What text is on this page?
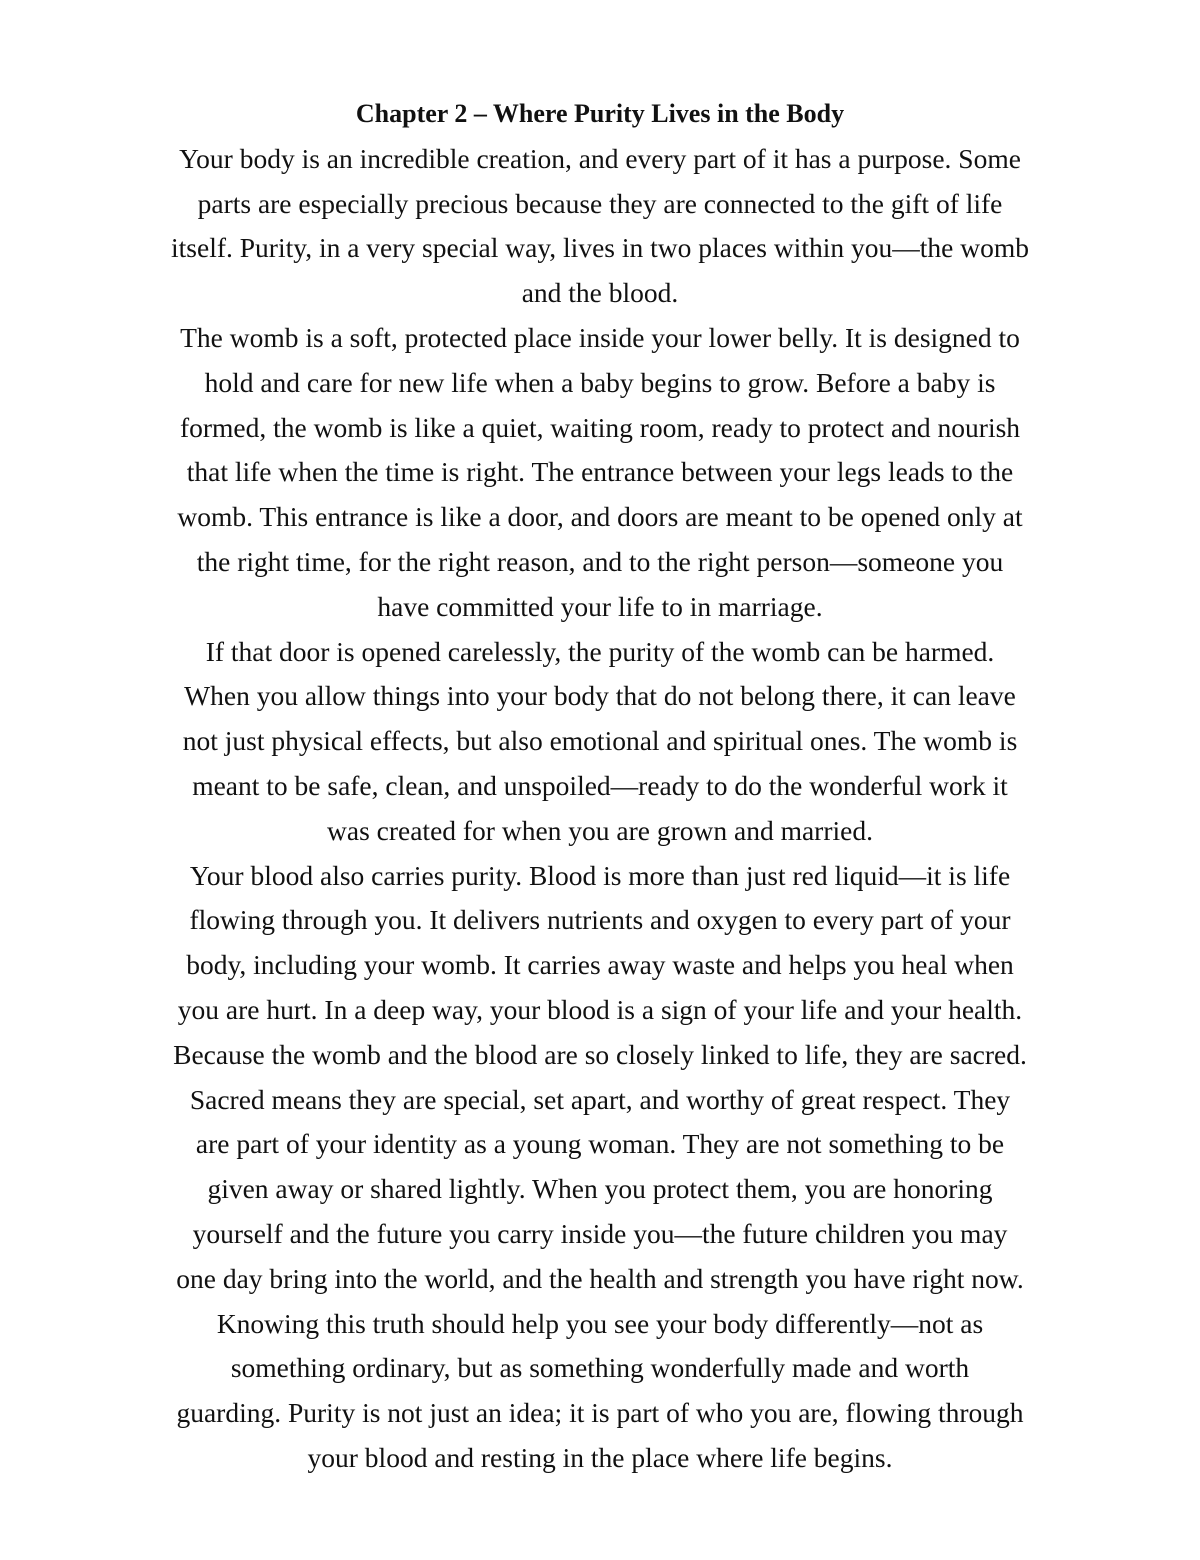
Chapter 2 – Where Purity Lives in the Body
Your body is an incredible creation, and every part of it has a purpose. Some
parts are especially precious because they are connected to the gift of life
itself. Purity, in a very special way, lives in two places within you—the womb
and the blood.
The womb is a soft, protected place inside your lower belly. It is designed to
hold and care for new life when a baby begins to grow. Before a baby is
formed, the womb is like a quiet, waiting room, ready to protect and nourish
that life when the time is right. The entrance between your legs leads to the
womb. This entrance is like a door, and doors are meant to be opened only at
the right time, for the right reason, and to the right person—someone you
have committed your life to in marriage.
If that door is opened carelessly, the purity of the womb can be harmed.
When you allow things into your body that do not belong there, it can leave
not just physical effects, but also emotional and spiritual ones. The womb is
meant to be safe, clean, and unspoiled—ready to do the wonderful work it
was created for when you are grown and married.
Your blood also carries purity. Blood is more than just red liquid—it is life
flowing through you. It delivers nutrients and oxygen to every part of your
body, including your womb. It carries away waste and helps you heal when
you are hurt. In a deep way, your blood is a sign of your life and your health.
Because the womb and the blood are so closely linked to life, they are sacred.
Sacred means they are special, set apart, and worthy of great respect. They
are part of your identity as a young woman. They are not something to be
given away or shared lightly. When you protect them, you are honoring
yourself and the future you carry inside you—the future children you may
one day bring into the world, and the health and strength you have right now.
Knowing this truth should help you see your body differently—not as
something ordinary, but as something wonderfully made and worth
guarding. Purity is not just an idea; it is part of who you are, flowing through
your blood and resting in the place where life begins.
